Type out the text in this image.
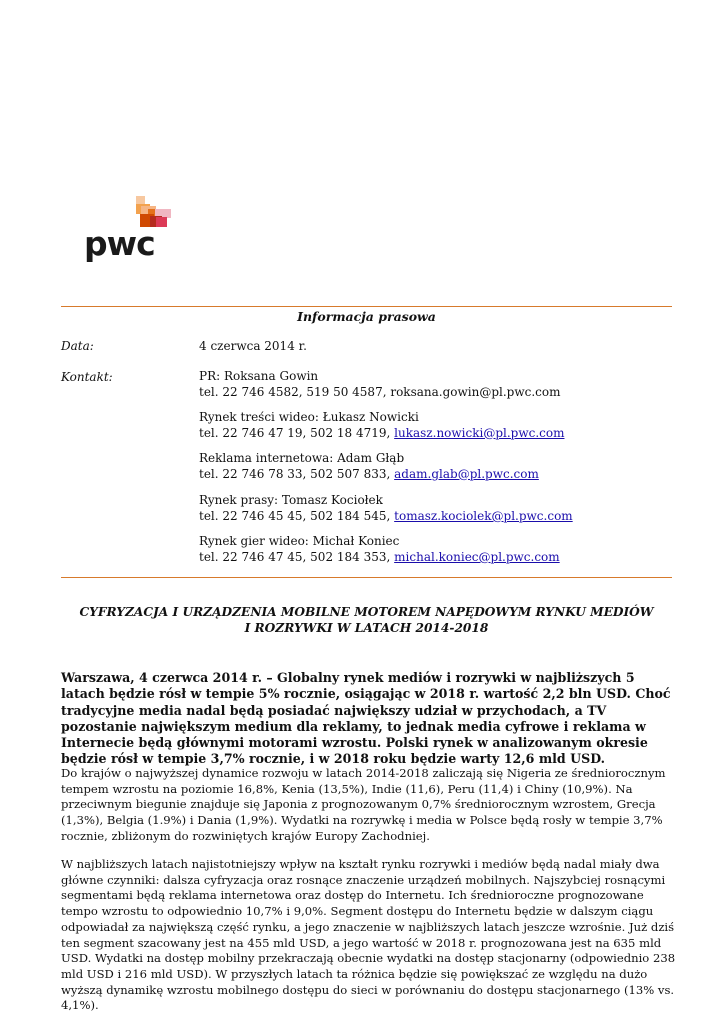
pwc
Informacja prasowa
Data:	4 czerwca 2014 r.
Kontakt:	PR: Roksana Gowin
tel. 22 746 4582, 519 50 4587, roksana.gowin@pl.pwc.com
Rynek treści wideo: Łukasz Nowicki
tel. 22 746 47 19, 502 18 4719, lukasz.nowicki@pl.pwc.com
Reklama internetowa: Adam Głąb
tel. 22 746 78 33, 502 507 833, adam.glab@pl.pwc.com
Rynek prasy: Tomasz Kociołek
tel. 22 746 45 45, 502 184 545, tomasz.kociolek@pl.pwc.com
Rynek gier wideo: Michał Koniec
tel. 22 746 47 45, 502 184 353, michal.koniec@pl.pwc.com
CYFRYZACJA I URZĄDZENIA MOBILNE MOTOREM NAPĘDOWYM RYNKU MEDIÓW
I ROZRYWKI W LATACH 2014-2018

Warszawa, 4 czerwca 2014 r. – Globalny rynek mediów i rozrywki w najbliższych 5 latach będzie rósł w tempie 5% rocznie, osiągając w 2018 r. wartość 2,2 bln USD. Choć tradycyjne media nadal będą posiadać największy udział w przychodach, a TV pozostanie największym medium dla reklamy, to jednak media cyfrowe i reklama w Internecie będą głównymi motorami wzrostu. Polski rynek w analizowanym okresie będzie rósł w tempie 3,7% rocznie, i w 2018 roku będzie warty 12,6 mld USD.

Do krajów o najwyższej dynamice rozwoju w latach 2014-2018 zaliczają się Nigeria ze średniorocznym tempem wzrostu na poziomie 16,8%, Kenia (13,5%), Indie (11,6), Peru (11,4) i Chiny (10,9%). Na przeciwnym biegunie znajduje się Japonia z prognozowanym 0,7% średniorocznym wzrostem, Grecja (1,3%), Belgia (1.9%) i Dania (1,9%). Wydatki na rozrywkę i media w Polsce będą rosły w tempie 3,7% rocznie, zbliżonym do rozwiniętych krajów Europy Zachodniej.

W najbliższych latach najistotniejszy wpływ na kształt rynku rozrywki i mediów będą nadal miały dwa główne czynniki: dalsza cyfryzacja oraz rosnące znaczenie urządzeń mobilnych. Najszybciej rosnącymi segmentami będą reklama internetowa oraz dostęp do Internetu. Ich średnioroczne prognozowane tempo wzrostu to odpowiednio 10,7% i 9,0%. Segment dostępu do Internetu będzie w dalszym ciągu odpowiadał za największą część rynku, a jego znaczenie w najbliższych latach jeszcze wzrośnie. Już dziś ten segment szacowany jest na 455 mld USD, a jego wartość w 2018 r. prognozowana jest na 635 mld USD. Wydatki na dostęp mobilny przekraczają obecnie wydatki na dostęp stacjonarny (odpowiednio 238 mld USD i 216 mld USD). W przyszłych latach ta różnica będzie się powiększać ze względu na dużo wyższą dynamikę wzrostu mobilnego dostępu do sieci w porównaniu do dostępu stacjonarnego (13% vs. 4,1%).
